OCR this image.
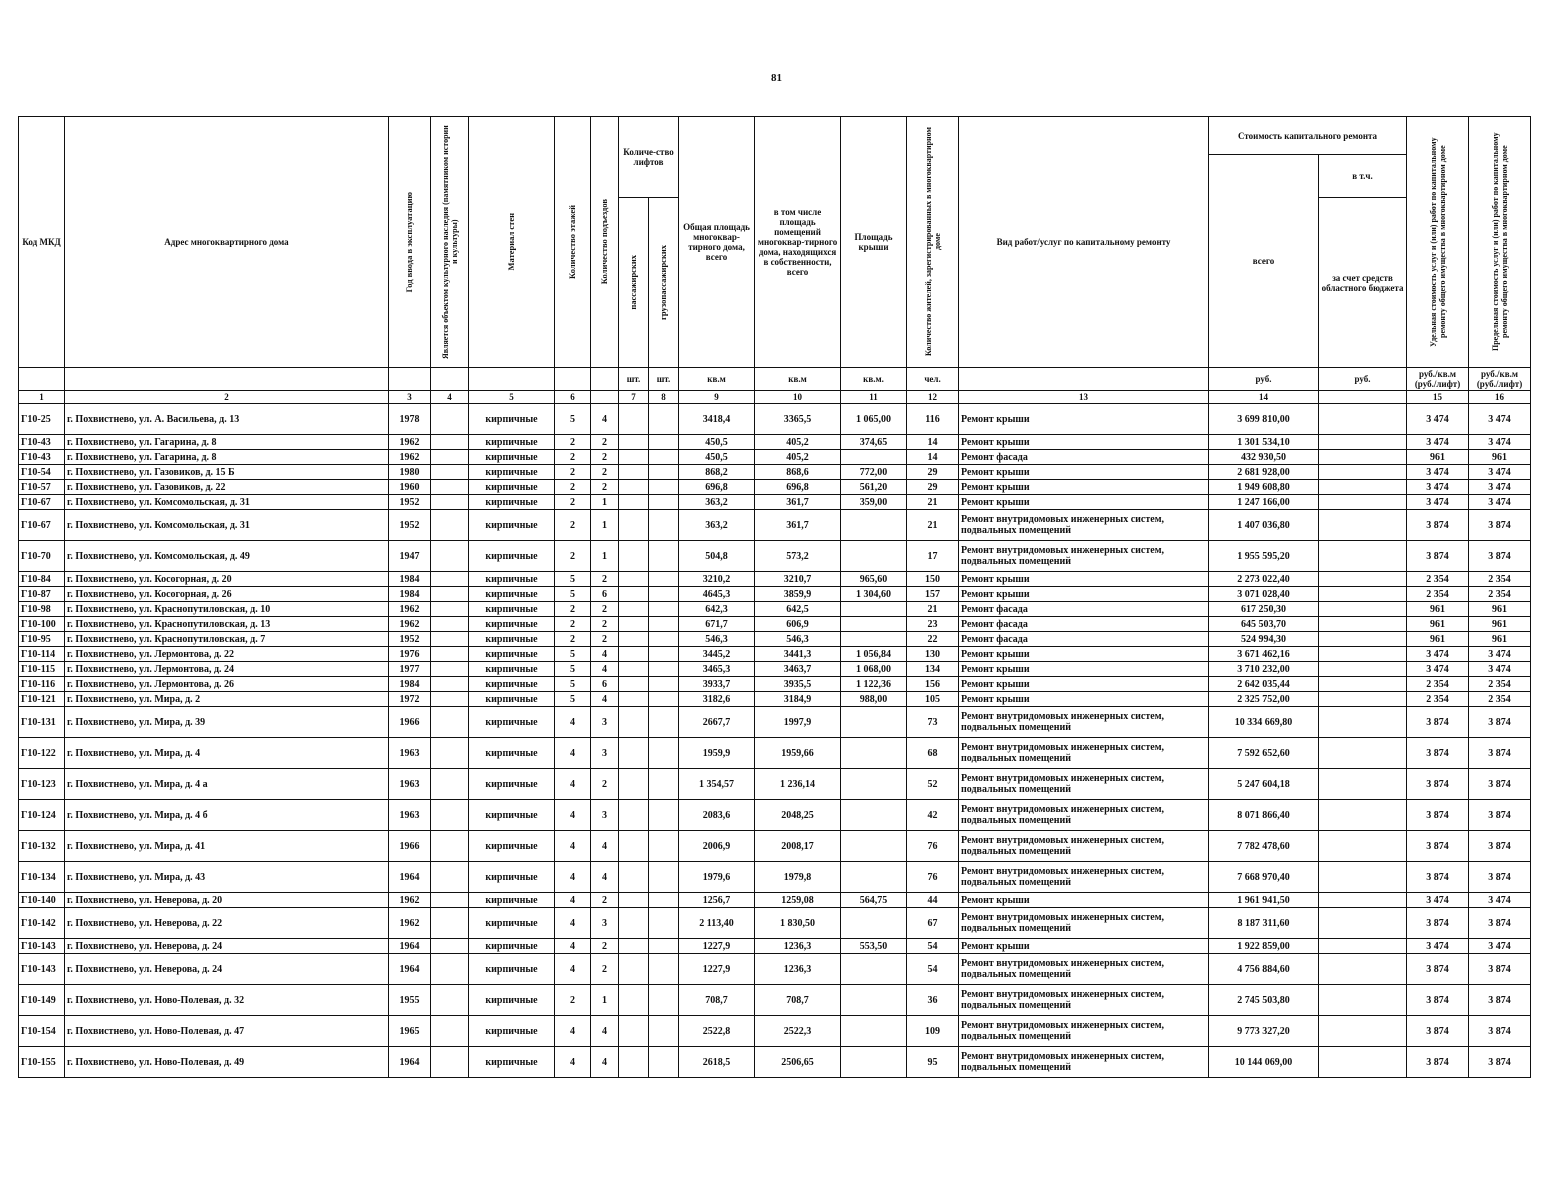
81
Код МКД	Адрес многоквартирного дома	Год ввода в эксплуатацию	Является объектом культурного наследия (памятником истории и культуры)	Материал стен	Количество этажей	Количество подъездов	Количе-ство лифтов		Общая площадь многоквар-тирного дома, всего	в том числе площадь помещений многоквар-тирного дома, находящихся в собственности, всего	Площадь крыши	Количество жителей, зарегистрированных в многоквартирном доме	Вид работ/услуг по капитальному ремонту	Стоимость капитального ремонта		Удельная стоимость услуг и (или) работ по капитальному ремонту общего имущества в многоквартирном доме	Предельная стоимость услуг и (или) работ по капитальному ремонту общего имущества в многоквартирном доме

														всего	в т.ч.		

							пассажирских	грузопассажирских							за счет средств областного бюджета		
							шт.	шт.	кв.м	кв.м	кв.м.	чел.		руб.	руб.	руб./кв.м (руб./лифт)	руб./кв.м (руб./лифт)
1	2	3	4	5	6		7	8	9	10	11	12	13	14		15	16
Г10-25	г. Похвистнево, ул. А. Васильева, д. 13	1978		кирпичные	5	4			3418,4	3365,5	1 065,00	116	Ремонт крыши	3 699 810,00		3 474	3 474
Г10-43	г. Похвистнево, ул. Гагарина, д. 8	1962		кирпичные	2	2			450,5	405,2	374,65	14	Ремонт крыши	1 301 534,10		3 474	3 474
Г10-43	г. Похвистнево, ул. Гагарина, д. 8	1962		кирпичные	2	2			450,5	405,2		14	Ремонт фасада	432 930,50		961	961
Г10-54	г. Похвистнево, ул. Газовиков, д. 15 Б	1980		кирпичные	2	2			868,2	868,6	772,00	29	Ремонт крыши	2 681 928,00		3 474	3 474
Г10-57	г. Похвистнево, ул. Газовиков, д. 22	1960		кирпичные	2	2			696,8	696,8	561,20	29	Ремонт крыши	1 949 608,80		3 474	3 474
Г10-67	г. Похвистнево, ул. Комсомольская, д. 31	1952		кирпичные	2	1			363,2	361,7	359,00	21	Ремонт крыши	1 247 166,00		3 474	3 474
Г10-67	г. Похвистнево, ул. Комсомольская, д. 31	1952		кирпичные	2	1			363,2	361,7		21	Ремонт внутридомовых инженерных систем, подвальных помещений	1 407 036,80		3 874	3 874
Г10-70	г. Похвистнево, ул. Комсомольская, д. 49	1947		кирпичные	2	1			504,8	573,2		17	Ремонт внутридомовых инженерных систем, подвальных помещений	1 955 595,20		3 874	3 874
Г10-84	г. Похвистнево, ул. Косогорная, д. 20	1984		кирпичные	5	2			3210,2	3210,7	965,60	150	Ремонт крыши	2 273 022,40		2 354	2 354
Г10-87	г. Похвистнево, ул. Косогорная, д. 26	1984		кирпичные	5	6			4645,3	3859,9	1 304,60	157	Ремонт крыши	3 071 028,40		2 354	2 354
Г10-98	г. Похвистнево, ул. Краснопутиловская, д. 10	1962		кирпичные	2	2			642,3	642,5		21	Ремонт фасада	617 250,30		961	961
Г10-100	г. Похвистнево, ул. Краснопутиловская, д. 13	1962		кирпичные	2	2			671,7	606,9		23	Ремонт фасада	645 503,70		961	961
Г10-95	г. Похвистнево, ул. Краснопутиловская, д. 7	1952		кирпичные	2	2			546,3	546,3		22	Ремонт фасада	524 994,30		961	961
Г10-114	г. Похвистнево, ул. Лермонтова, д. 22	1976		кирпичные	5	4			3445,2	3441,3	1 056,84	130	Ремонт крыши	3 671 462,16		3 474	3 474
Г10-115	г. Похвистнево, ул. Лермонтова, д. 24	1977		кирпичные	5	4			3465,3	3463,7	1 068,00	134	Ремонт крыши	3 710 232,00		3 474	3 474
Г10-116	г. Похвистнево, ул. Лермонтова, д. 26	1984		кирпичные	5	6			3933,7	3935,5	1 122,36	156	Ремонт крыши	2 642 035,44		2 354	2 354
Г10-121	г. Похвистнево, ул. Мира, д. 2	1972		кирпичные	5	4			3182,6	3184,9	988,00	105	Ремонт крыши	2 325 752,00		2 354	2 354
Г10-131	г. Похвистнево, ул. Мира, д. 39	1966		кирпичные	4	3			2667,7	1997,9		73	Ремонт внутридомовых инженерных систем, подвальных помещений	10 334 669,80		3 874	3 874
Г10-122	г. Похвистнево, ул. Мира, д. 4	1963		кирпичные	4	3			1959,9	1959,66		68	Ремонт внутридомовых инженерных систем, подвальных помещений	7 592 652,60		3 874	3 874
Г10-123	г. Похвистнево, ул. Мира, д. 4 а	1963		кирпичные	4	2			1 354,57	1 236,14		52	Ремонт внутридомовых инженерных систем, подвальных помещений	5 247 604,18		3 874	3 874
Г10-124	г. Похвистнево, ул. Мира, д. 4 б	1963		кирпичные	4	3			2083,6	2048,25		42	Ремонт внутридомовых инженерных систем, подвальных помещений	8 071 866,40		3 874	3 874
Г10-132	г. Похвистнево, ул. Мира, д. 41	1966		кирпичные	4	4			2006,9	2008,17		76	Ремонт внутридомовых инженерных систем, подвальных помещений	7 782 478,60		3 874	3 874
Г10-134	г. Похвистнево, ул. Мира, д. 43	1964		кирпичные	4	4			1979,6	1979,8		76	Ремонт внутридомовых инженерных систем, подвальных помещений	7 668 970,40		3 874	3 874
Г10-140	г. Похвистнево, ул. Неверова, д. 20	1962		кирпичные	4	2			1256,7	1259,08	564,75	44	Ремонт крыши	1 961 941,50		3 474	3 474
Г10-142	г. Похвистнево, ул. Неверова, д. 22	1962		кирпичные	4	3			2 113,40	1 830,50		67	Ремонт внутридомовых инженерных систем, подвальных помещений	8 187 311,60		3 874	3 874
Г10-143	г. Похвистнево, ул. Неверова, д. 24	1964		кирпичные	4	2			1227,9	1236,3	553,50	54	Ремонт крыши	1 922 859,00		3 474	3 474
Г10-143	г. Похвистнево, ул. Неверова, д. 24	1964		кирпичные	4	2			1227,9	1236,3		54	Ремонт внутридомовых инженерных систем, подвальных помещений	4 756 884,60		3 874	3 874
Г10-149	г. Похвистнево, ул. Ново-Полевая, д. 32	1955		кирпичные	2	1			708,7	708,7		36	Ремонт внутридомовых инженерных систем, подвальных помещений	2 745 503,80		3 874	3 874
Г10-154	г. Похвистнево, ул. Ново-Полевая, д. 47	1965		кирпичные	4	4			2522,8	2522,3		109	Ремонт внутридомовых инженерных систем, подвальных помещений	9 773 327,20		3 874	3 874
Г10-155	г. Похвистнево, ул. Ново-Полевая, д. 49	1964		кирпичные	4	4			2618,5	2506,65		95	Ремонт внутридомовых инженерных систем, подвальных помещений	10 144 069,00		3 874	3 874
